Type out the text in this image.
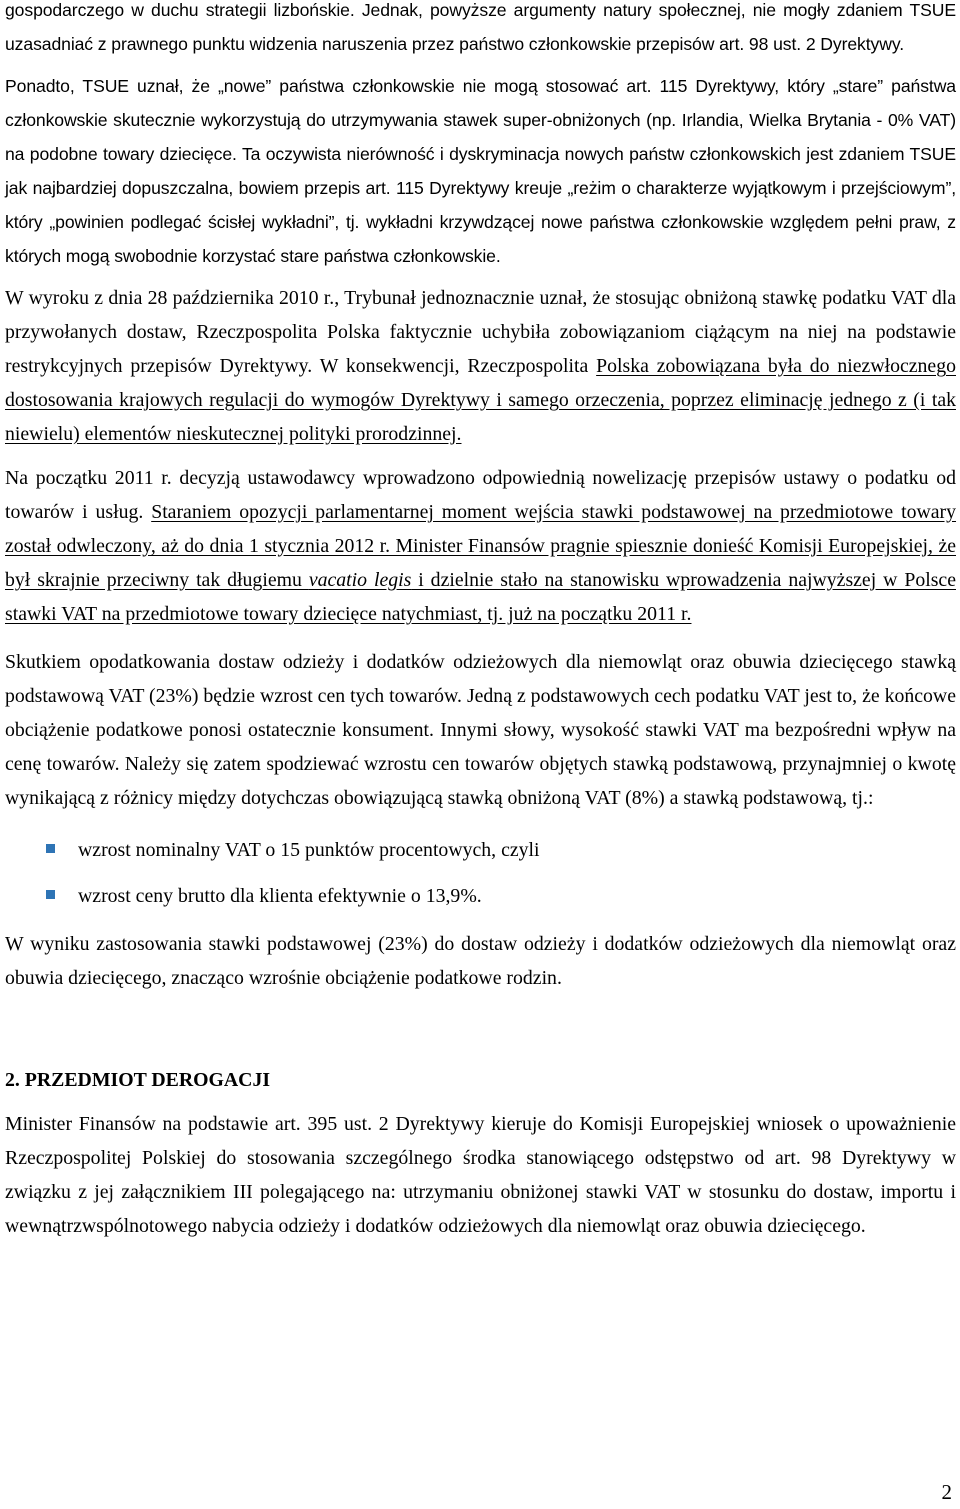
gospodarczego w duchu strategii lizbońskie. Jednak, powyższe argumenty natury społecznej, nie mogły zdaniem TSUE uzasadniać z prawnego punktu widzenia naruszenia przez państwo członkowskie przepisów art. 98 ust. 2 Dyrektywy.

Ponadto, TSUE uznał, że „nowe” państwa członkowskie nie mogą stosować art. 115 Dyrektywy, który „stare” państwa członkowskie skutecznie wykorzystują do utrzymywania stawek super-obniżonych (np. Irlandia, Wielka Brytania - 0% VAT) na podobne towary dziecięce. Ta oczywista nierówność i dyskryminacja nowych państw członkowskich jest zdaniem TSUE jak najbardziej dopuszczalna, bowiem przepis art. 115 Dyrektywy kreuje „reżim o charakterze wyjątkowym i przejściowym”, który „powinien podlegać ścisłej wykładni”, tj. wykładni krzywdzącej nowe państwa członkowskie względem pełni praw, z których mogą swobodnie korzystać stare państwa członkowskie.

W wyroku z dnia 28 października 2010 r., Trybunał jednoznacznie uznał, że stosując obniżoną stawkę podatku VAT dla przywołanych dostaw, Rzeczpospolita Polska faktycznie uchybiła zobowiązaniom ciążącym na niej na podstawie restrykcyjnych przepisów Dyrektywy. W konsekwencji, Rzeczpospolita Polska zobowiązana była do niezwłocznego dostosowania krajowych regulacji do wymogów Dyrektywy i samego orzeczenia, poprzez eliminację jednego z (i tak niewielu) elementów nieskutecznej polityki prorodzinnej.

Na początku 2011 r. decyzją ustawodawcy wprowadzono odpowiednią nowelizację przepisów ustawy o podatku od towarów i usług. Staraniem opozycji parlamentarnej moment wejścia stawki podstawowej na przedmiotowe towary został odwleczony, aż do dnia 1 stycznia 2012 r. Minister Finansów pragnie spiesznie donieść Komisji Europejskiej, że był skrajnie przeciwny tak długiemu vacatio legis i dzielnie stało na stanowisku wprowadzenia najwyższej w Polsce stawki VAT na przedmiotowe towary dziecięce natychmiast, tj. już na początku 2011 r.

Skutkiem opodatkowania dostaw odzieży i dodatków odzieżowych dla niemowląt oraz obuwia dziecięcego stawką podstawową VAT (23%) będzie wzrost cen tych towarów. Jedną z podstawowych cech podatku VAT jest to, że końcowe obciążenie podatkowe ponosi ostatecznie konsument. Innymi słowy, wysokość stawki VAT ma bezpośredni wpływ na cenę towarów. Należy się zatem spodziewać wzrostu cen towarów objętych stawką podstawową, przynajmniej o kwotę wynikającą z różnicy między dotychczas obowiązującą stawką obniżoną VAT (8%) a stawką podstawową, tj.:

wzrost nominalny VAT o 15 punktów procentowych, czyli
wzrost ceny brutto dla klienta efektywnie o 13,9%.

W wyniku zastosowania stawki podstawowej (23%) do dostaw odzieży i dodatków odzieżowych dla niemowląt oraz obuwia dziecięcego, znacząco wzrośnie obciążenie podatkowe rodzin.

2. PRZEDMIOT DEROGACJI

Minister Finansów na podstawie art. 395 ust. 2 Dyrektywy kieruje do Komisji Europejskiej wniosek o upoważnienie Rzeczpospolitej Polskiej do stosowania szczególnego środka stanowiącego odstępstwo od art. 98 Dyrektywy w związku z jej załącznikiem III polegającego na: utrzymaniu obniżonej stawki VAT w stosunku do dostaw, importu i wewnątrzwspólnotowego nabycia odzieży i dodatków odzieżowych dla niemowląt oraz obuwia dziecięcego.

2
